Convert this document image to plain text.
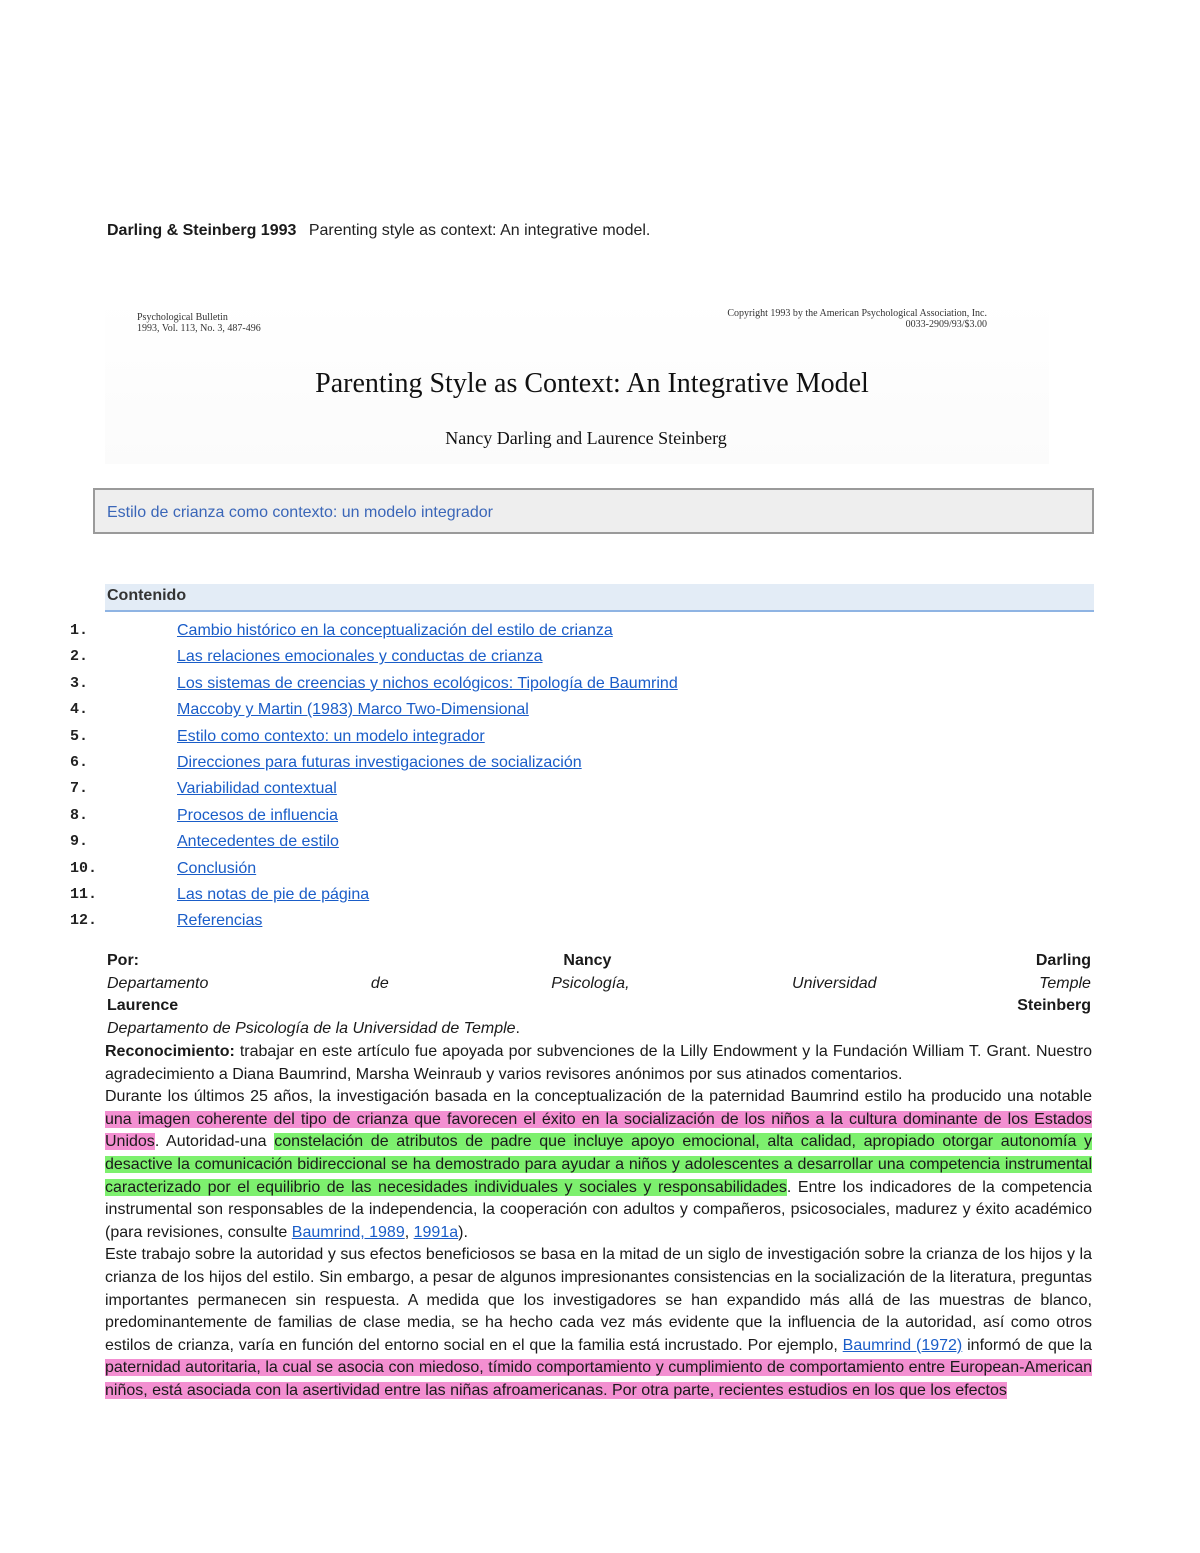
Darling & Steinberg 1993 Parenting style as context: An integrative model.
Psychological Bulletin
1993, Vol. 113, No. 3, 487-496
Copyright 1993 by the American Psychological Association, Inc.
0033-2909/93/$3.00
Parenting Style as Context: An Integrative Model
Nancy Darling and Laurence Steinberg
Estilo de crianza como contexto: un modelo integrador
Contenido
1.	Cambio histórico en la conceptualización del estilo de crianza
2.	Las relaciones emocionales y conductas de crianza
3.	Los sistemas de creencias y nichos ecológicos: Tipología de Baumrind
4.	Maccoby y Martin (1983) Marco Two-Dimensional
5.	Estilo como contexto: un modelo integrador
6.	Direcciones para futuras investigaciones de socialización
7.	Variabilidad contextual
8.	Procesos de influencia
9.	Antecedentes de estilo
10.	Conclusión
11.	Las notas de pie de página
12.	Referencias
Por:	Nancy	Darling
Departamento	de	Psicología,	Universidad	Temple
Laurence	Steinberg
Departamento de Psicología de la Universidad de Temple.

Reconocimiento: trabajar en este artículo fue apoyada por subvenciones de la Lilly Endowment y la Fundación William T. Grant. Nuestro agradecimiento a Diana Baumrind, Marsha Weinraub y varios revisores anónimos por sus atinados comentarios.

Durante los últimos 25 años, la investigación basada en la conceptualización de la paternidad Baumrind estilo ha producido una notable una imagen coherente del tipo de crianza que favorecen el éxito en la socialización de los niños a la cultura dominante de los Estados Unidos. Autoridad-una constelación de atributos de padre que incluye apoyo emocional, alta calidad, apropiado otorgar autonomía y desactive la comunicación bidireccional se ha demostrado para ayudar a niños y adolescentes a desarrollar una competencia instrumental caracterizado por el equilibrio de las necesidades individuales y sociales y responsabilidades. Entre los indicadores de la competencia instrumental son responsables de la independencia, la cooperación con adultos y compañeros, psicosociales, madurez y éxito académico (para revisiones, consulte Baumrind, 1989, 1991a).

Este trabajo sobre la autoridad y sus efectos beneficiosos se basa en la mitad de un siglo de investigación sobre la crianza de los hijos y la crianza de los hijos del estilo. Sin embargo, a pesar de algunos impresionantes consistencias en la socialización de la literatura, preguntas importantes permanecen sin respuesta. A medida que los investigadores se han expandido más allá de las muestras de blanco, predominantemente de familias de clase media, se ha hecho cada vez más evidente que la influencia de la autoridad, así como otros estilos de crianza, varía en función del entorno social en el que la familia está incrustado. Por ejemplo, Baumrind (1972) informó de que la paternidad autoritaria, la cual se asocia con miedoso, tímido comportamiento y cumplimiento de comportamiento entre European-American niños, está asociada con la asertividad entre las niñas afroamericanas. Por otra parte, recientes estudios en los que los efectos
